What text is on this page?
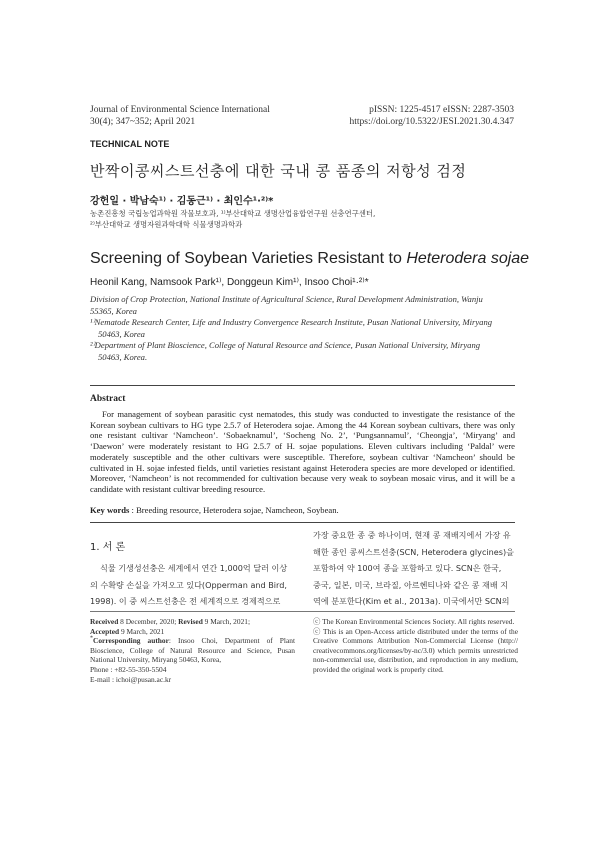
Journal of Environmental Science International
30(4); 347~352; April 2021
pISSN: 1225-4517 eISSN: 2287-3503
https://doi.org/10.5322/JESI.2021.30.4.347
TECHNICAL NOTE
반짝이콩씨스트선충에 대한 국내 콩 품종의 저항성 검정
강헌일 · 박남숙¹⁾ · 김동근¹⁾ · 최인수¹·²⁾*
농촌진흥청 국립농업과학원 작물보호과, ¹⁾부산대학교 생명산업융합연구원 선충연구센터,
²⁾부산대학교 생명자원과학대학 식물생명과학과
Screening of Soybean Varieties Resistant to Heterodera sojae
Heonil Kang, Namsook Park¹⁾, Donggeun Kim¹⁾, Insoo Choi¹·²⁾*
Division of Crop Protection, National Institute of Agricultural Science, Rural Development Administration, Wanju
55365, Korea
¹⁾Nematode Research Center, Life and Industry Convergence Research Institute, Pusan National University, Miryang
50463, Korea
²⁾Department of Plant Bioscience, College of Natural Resource and Science, Pusan National University, Miryang
50463, Korea.
Abstract
For management of soybean parasitic cyst nematodes, this study was conducted to investigate the resistance of the Korean soybean cultivars to HG type 2.5.7 of Heterodera sojae. Among the 44 Korean soybean cultivars, there was only one resistant cultivar ‘Namcheon’. ‘Sobaeknamul’, ‘Socheng No. 2’, ‘Pungsannamul’, ‘Cheongja’, ‘Miryang’ and ‘Daewon’ were moderately resistant to HG 2.5.7 of H. sojae populations. Eleven cultivars including ‘Paldal’ were moderately susceptible and the other cultivars were susceptible. Therefore, soybean cultivar ‘Namcheon’ should be cultivated in H. sojae infested fields, until varieties resistant against Heterodera species are more developed or identified. Moreover, ‘Namcheon’ is not recommended for cultivation because very weak to soybean mosaic virus, and it will be a candidate with resistant cultivar breeding resource.
Key words : Breeding resource, Heterodera sojae, Namcheon, Soybean.
1. 서 론
식물 기생성선충은 세계에서 연간 1,000억 달러 이상
의 수확량 손실을 가져오고 있다(Opperman and Bird,
1998). 이 중 씨스트선충은 전 세계적으로 경제적으로
가장 중요한 종 중 하나이며, 현재 콩 재배지에서 가장 유
해한 종인 콩씨스트선충(SCN, Heterodera glycines)을
포함하여 약 100여 종을 포함하고 있다. SCN은 한국,
중국, 일본, 미국, 브라질, 아르헨티나와 같은 콩 재배 지
역에 분포한다(Kim et al., 2013a). 미국에서만 SCN의
Received 8 December, 2020; Revised 9 March, 2021;
Accepted 9 March, 2021
*Corresponding author: Insoo Choi, Department of Plant Bioscience, College of Natural Resource and Science, Pusan National University, Miryang 50463, Korea,
Phone : +82-55-350-5504
E-mail : ichoi@pusan.ac.kr
ⓒ The Korean Environmental Sciences Society. All rights reserved.
ⓒ This is an Open-Access article distributed under the terms of the Creative Commons Attribution Non-Commercial License (http:// creativecommons.org/licenses/by-nc/3.0) which permits unrestricted non-commercial use, distribution, and reproduction in any medium, provided the original work is properly cited.
